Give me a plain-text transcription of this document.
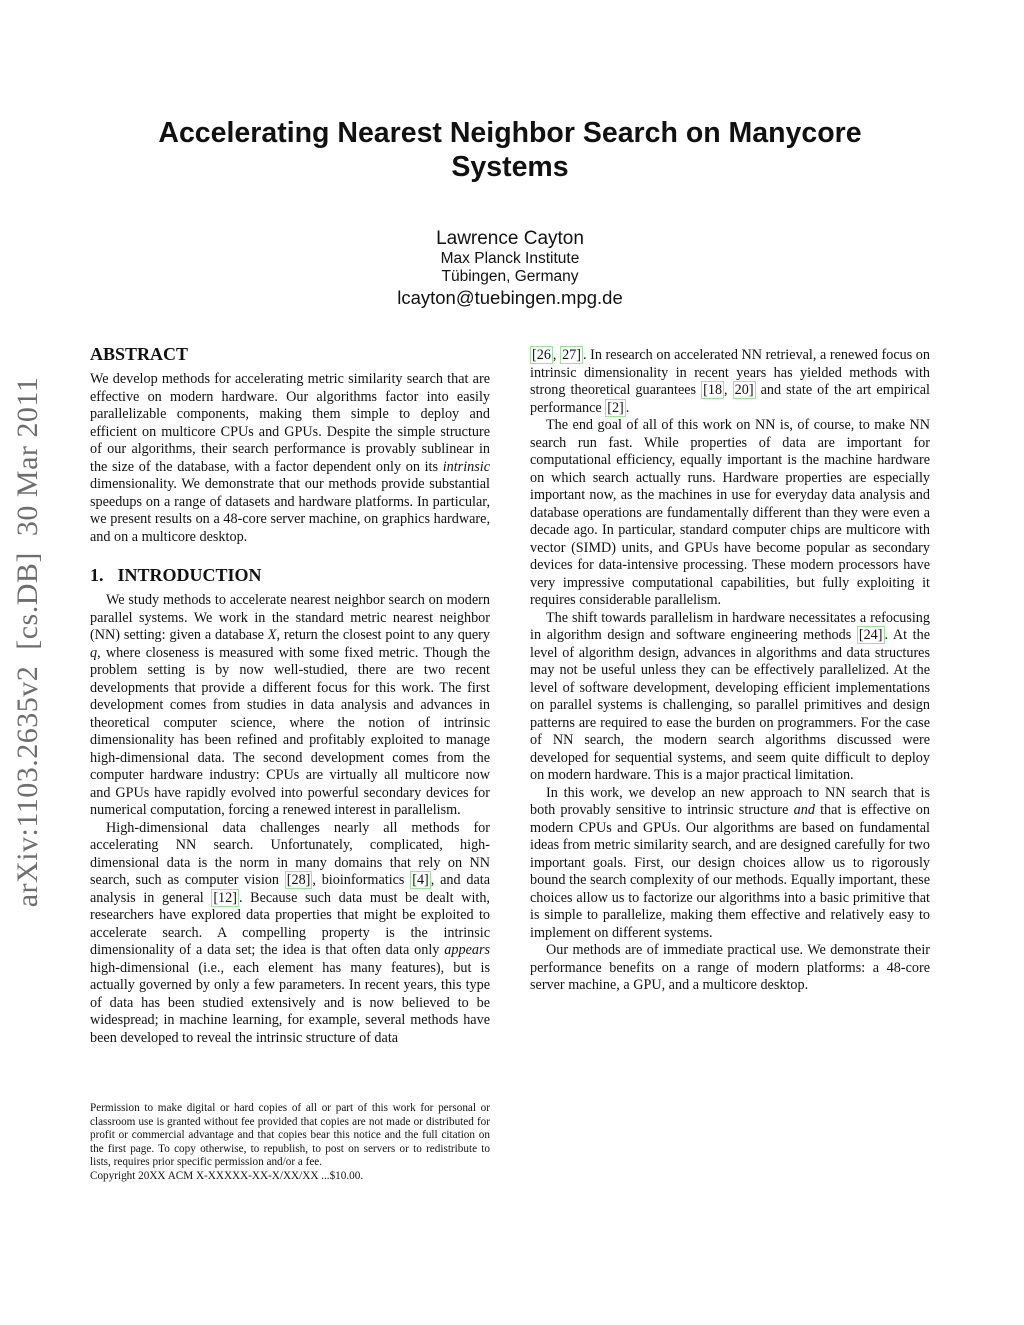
Accelerating Nearest Neighbor Search on Manycore Systems
Lawrence Cayton
Max Planck Institute
Tübingen, Germany
lcayton@tuebingen.mpg.de
arXiv:1103.2635v2  [cs.DB]  30 Mar 2011
ABSTRACT

We develop methods for accelerating metric similarity search that are effective on modern hardware. Our algorithms factor into easily parallelizable components, making them simple to deploy and efficient on multicore CPUs and GPUs. Despite the simple structure of our algorithms, their search performance is provably sublinear in the size of the database, with a factor dependent only on its intrinsic dimensionality. We demonstrate that our methods provide substantial speedups on a range of datasets and hardware platforms. In particular, we present results on a 48-core server machine, on graphics hardware, and on a multicore desktop.

1. INTRODUCTION

We study methods to accelerate nearest neighbor search on modern parallel systems. We work in the standard metric nearest neighbor (NN) setting: given a database X, return the closest point to any query q, where closeness is measured with some fixed metric. Though the problem setting is by now well-studied, there are two recent developments that provide a different focus for this work. The first development comes from studies in data analysis and advances in theoretical computer science, where the notion of intrinsic dimensionality has been refined and profitably exploited to manage high-dimensional data. The second development comes from the computer hardware industry: CPUs are virtually all multicore now and GPUs have rapidly evolved into powerful secondary devices for numerical computation, forcing a renewed interest in parallelism.

High-dimensional data challenges nearly all methods for accelerating NN search. Unfortunately, complicated, high-dimensional data is the norm in many domains that rely on NN search, such as computer vision [28] , bioinformatics [4] , and data analysis in general [12] . Because such data must be dealt with, researchers have explored data properties that might be exploited to accelerate search. A compelling property is the intrinsic dimensionality of a data set; the idea is that often data only appears high-dimensional (i.e., each element has many features), but is actually governed by only a few parameters. In recent years, this type of data has been studied extensively and is now believed to be widespread; in machine learning, for example, several methods have been developed to reveal the intrinsic structure of data

[26 , 27] . In research on accelerated NN retrieval, a renewed focus on intrinsic dimensionality in recent years has yielded methods with strong theoretical guarantees [18 , 20] and state of the art empirical performance [2] .

The end goal of all of this work on NN is, of course, to make NN search run fast. While properties of data are important for computational efficiency, equally important is the machine hardware on which search actually runs. Hardware properties are especially important now, as the machines in use for everyday data analysis and database operations are fundamentally different than they were even a decade ago. In particular, standard computer chips are multicore with vector (SIMD) units, and GPUs have become popular as secondary devices for data-intensive processing. These modern processors have very impressive computational capabilities, but fully exploiting it requires considerable parallelism.

The shift towards parallelism in hardware necessitates a refocusing in algorithm design and software engineering methods [24] . At the level of algorithm design, advances in algorithms and data structures may not be useful unless they can be effectively parallelized. At the level of software development, developing efficient implementations on parallel systems is challenging, so parallel primitives and design patterns are required to ease the burden on programmers. For the case of NN search, the modern search algorithms discussed were developed for sequential systems, and seem quite difficult to deploy on modern hardware. This is a major practical limitation.

In this work, we develop an new approach to NN search that is both provably sensitive to intrinsic structure and that is effective on modern CPUs and GPUs. Our algorithms are based on fundamental ideas from metric similarity search, and are designed carefully for two important goals. First, our design choices allow us to rigorously bound the search complexity of our methods. Equally important, these choices allow us to factorize our algorithms into a basic primitive that is simple to parallelize, making them effective and relatively easy to implement on different systems.

Our methods are of immediate practical use. We demonstrate their performance benefits on a range of modern platforms: a 48-core server machine, a GPU, and a multicore desktop.

Permission to make digital or hard copies of all or part of this work for personal or classroom use is granted without fee provided that copies are not made or distributed for profit or commercial advantage and that copies bear this notice and the full citation on the first page. To copy otherwise, to republish, to post on servers or to redistribute to lists, requires prior specific permission and/or a fee.

Copyright 20XX ACM X-XXXXX-XX-X/XX/XX ...$10.00.
